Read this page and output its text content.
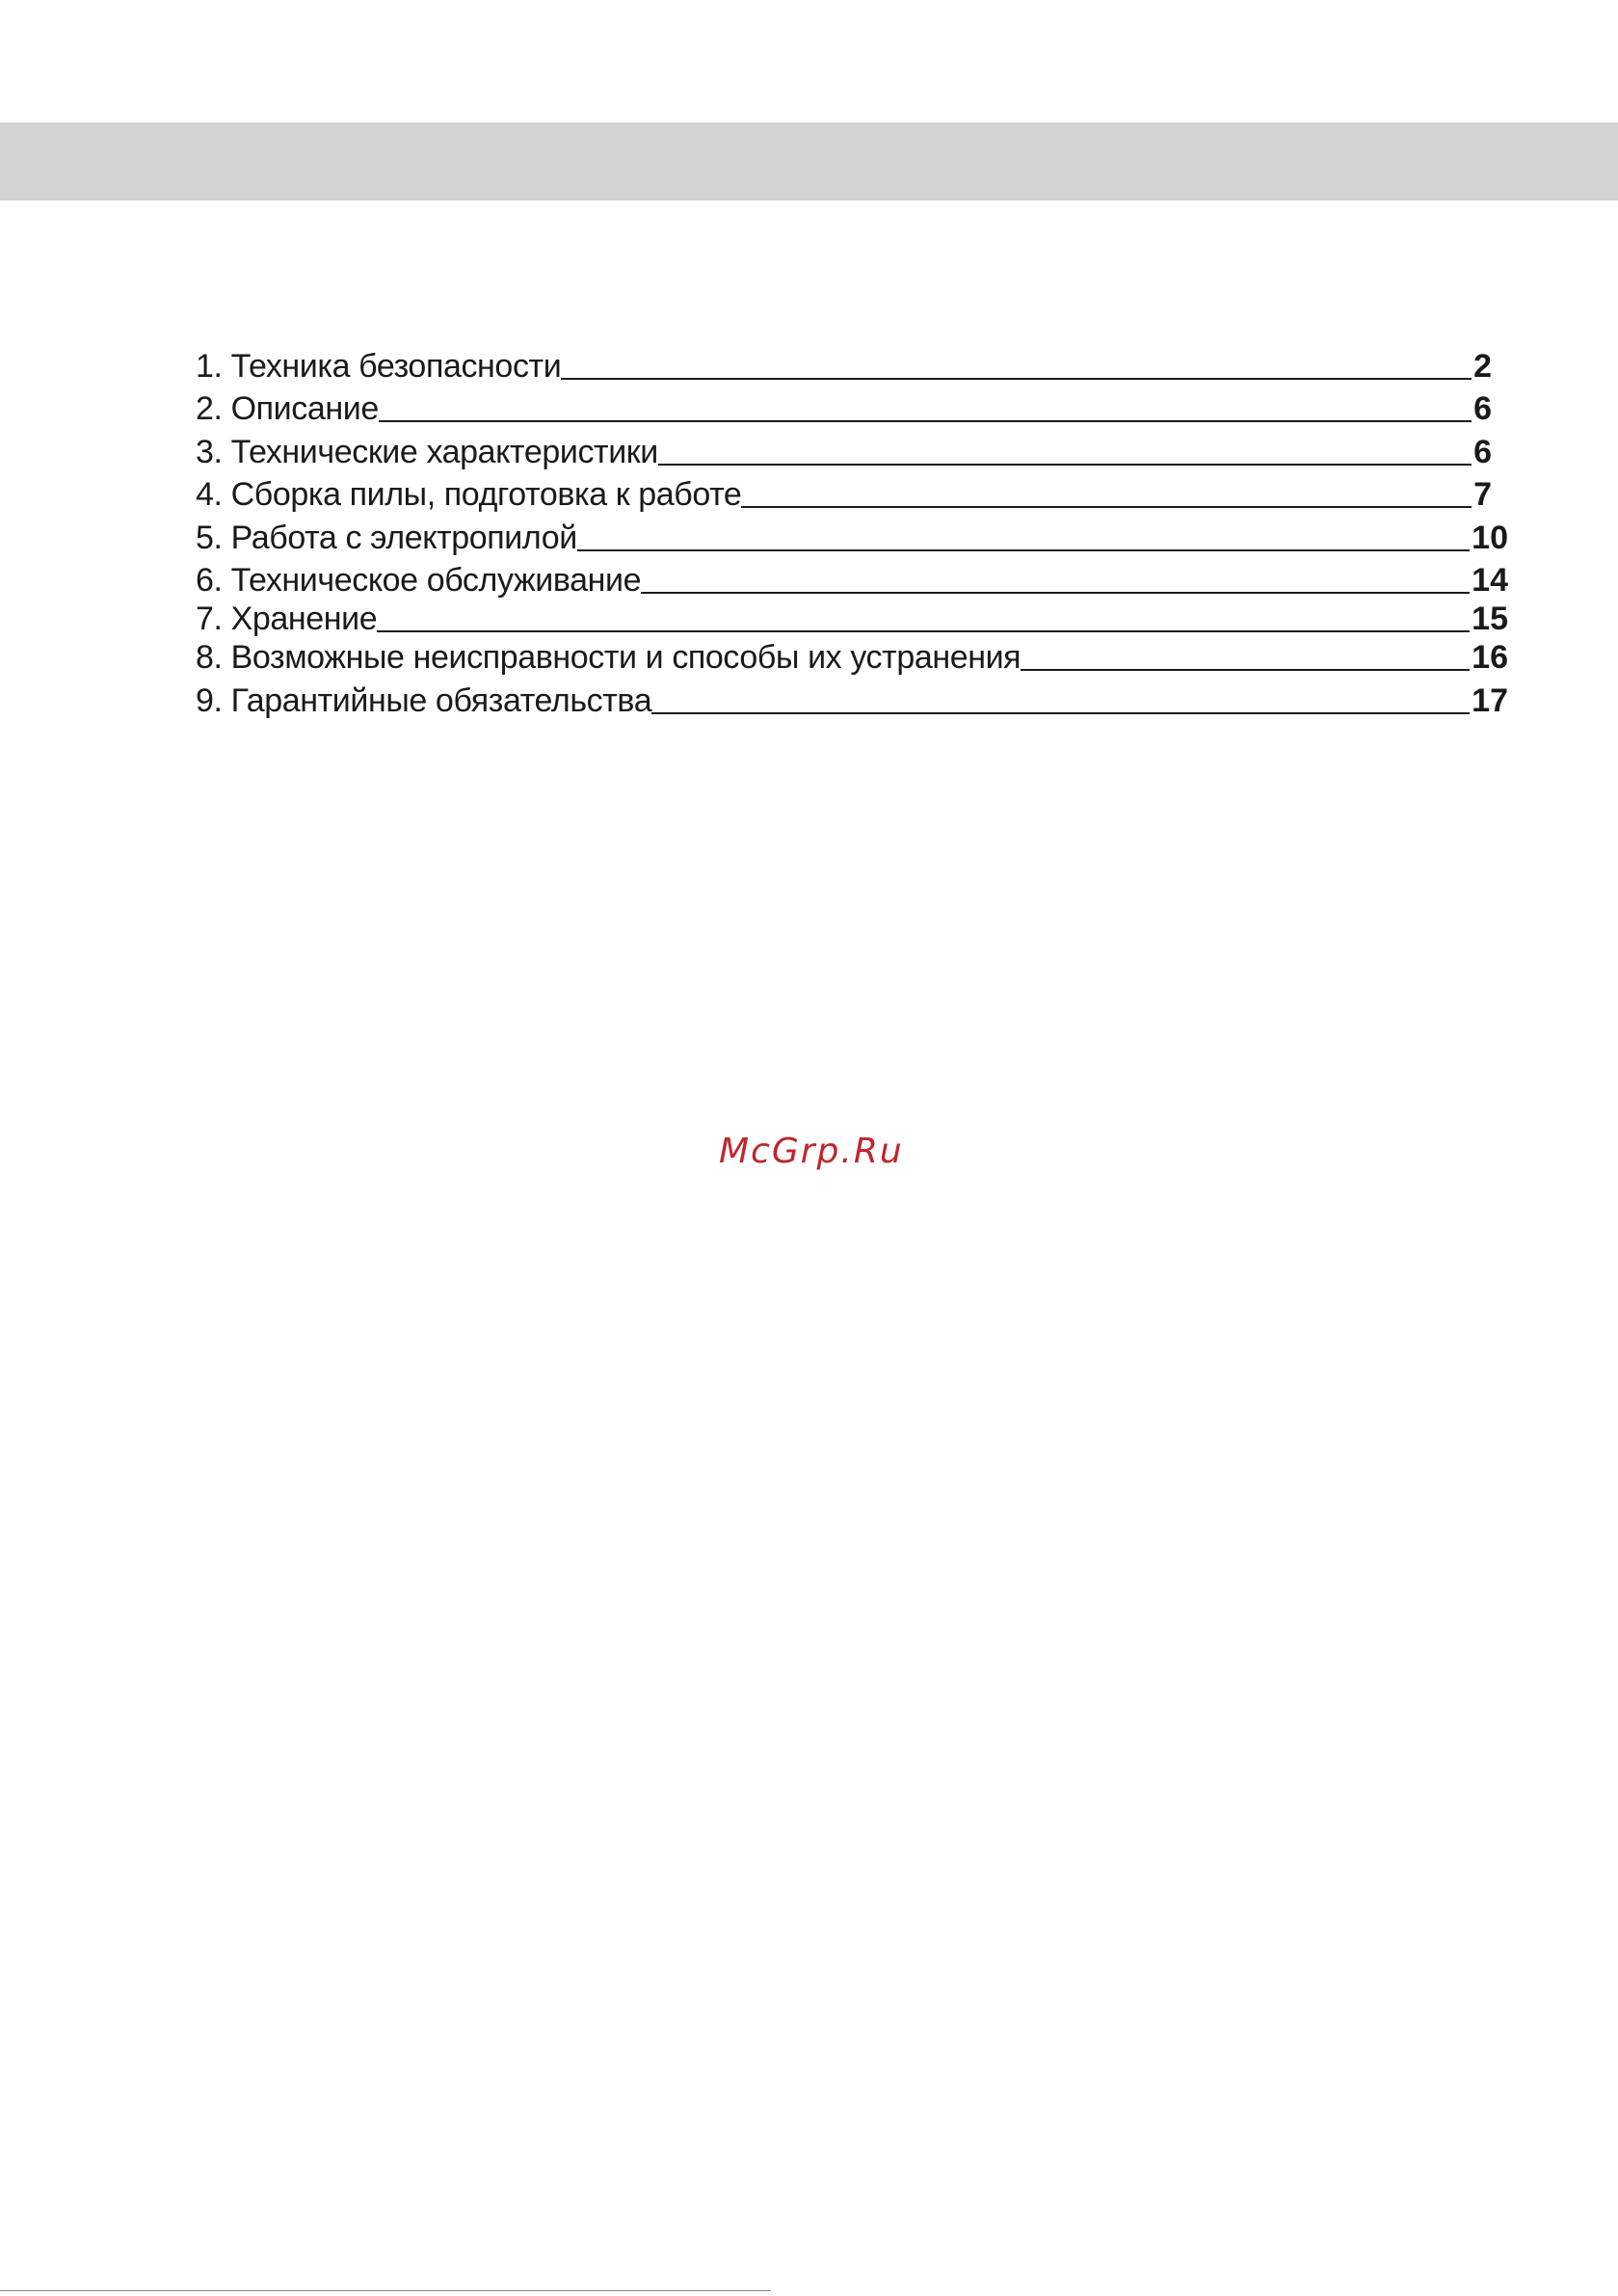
1. Техника безопасности	2
2. Описание	6
3. Технические характеристики	6
4. Сборка пилы, подготовка к работе	7
5. Работа с электропилой	10
6. Техническое обслуживание	14
7. Хранение	15
8. Возможные неисправности и способы их устранения	16
9. Гарантийные обязательства	17
McGrp.Ru
